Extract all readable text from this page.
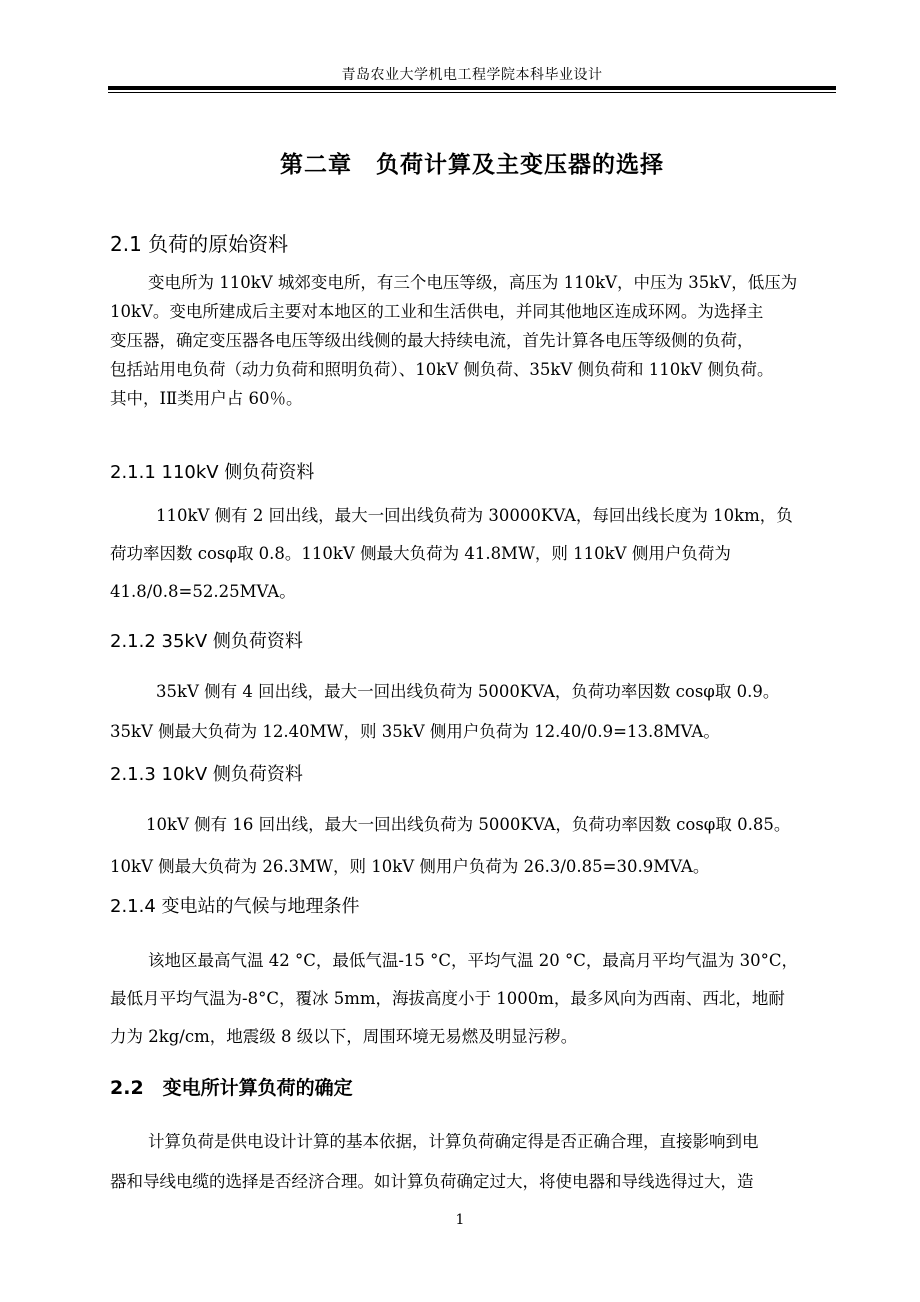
青岛农业大学机电工程学院本科毕业设计
第二章　负荷计算及主变压器的选择
2.1 负荷的原始资料
变电所为 110kV 城郊变电所，有三个电压等级，高压为 110kV，中压为 35kV，低压为
10kV。变电所建成后主要对本地区的工业和生活供电，并同其他地区连成环网。为选择主
变压器，确定变压器各电压等级出线侧的最大持续电流，首先计算各电压等级侧的负荷，
包括站用电负荷（动力负荷和照明负荷）、10kV 侧负荷、35kV 侧负荷和 110kV 侧负荷。
其中，ⅠⅡ类用户占 60％。
2.1.1 110kV 侧负荷资料
110kV 侧有 2 回出线，最大一回出线负荷为 30000KVA，每回出线长度为 10km，负
荷功率因数 cosφ取 0.8。110kV 侧最大负荷为 41.8MW，则 110kV 侧用户负荷为
41.8/0.8=52.25MVA。
2.1.2 35kV 侧负荷资料
35kV 侧有 4 回出线，最大一回出线负荷为 5000KVA，负荷功率因数 cosφ取 0.9。
35kV 侧最大负荷为 12.40MW，则 35kV 侧用户负荷为 12.40/0.9=13.8MVA。
2.1.3 10kV 侧负荷资料
10kV 侧有 16 回出线，最大一回出线负荷为 5000KVA，负荷功率因数 cosφ取 0.85。
10kV 侧最大负荷为 26.3MW，则 10kV 侧用户负荷为 26.3/0.85=30.9MVA。
2.1.4 变电站的气候与地理条件
该地区最高气温 42 °C，最低气温-15 °C，平均气温 20 °C，最高月平均气温为 30°C，
最低月平均气温为-8°C，覆冰 5mm，海拔高度小于 1000m，最多风向为西南、西北，地耐
力为 2kg/cm，地震级 8 级以下，周围环境无易燃及明显污秽。
2.2　变电所计算负荷的确定
计算负荷是供电设计计算的基本依据，计算负荷确定得是否正确合理，直接影响到电
器和导线电缆的选择是否经济合理。如计算负荷确定过大，将使电器和导线选得过大，造
1
